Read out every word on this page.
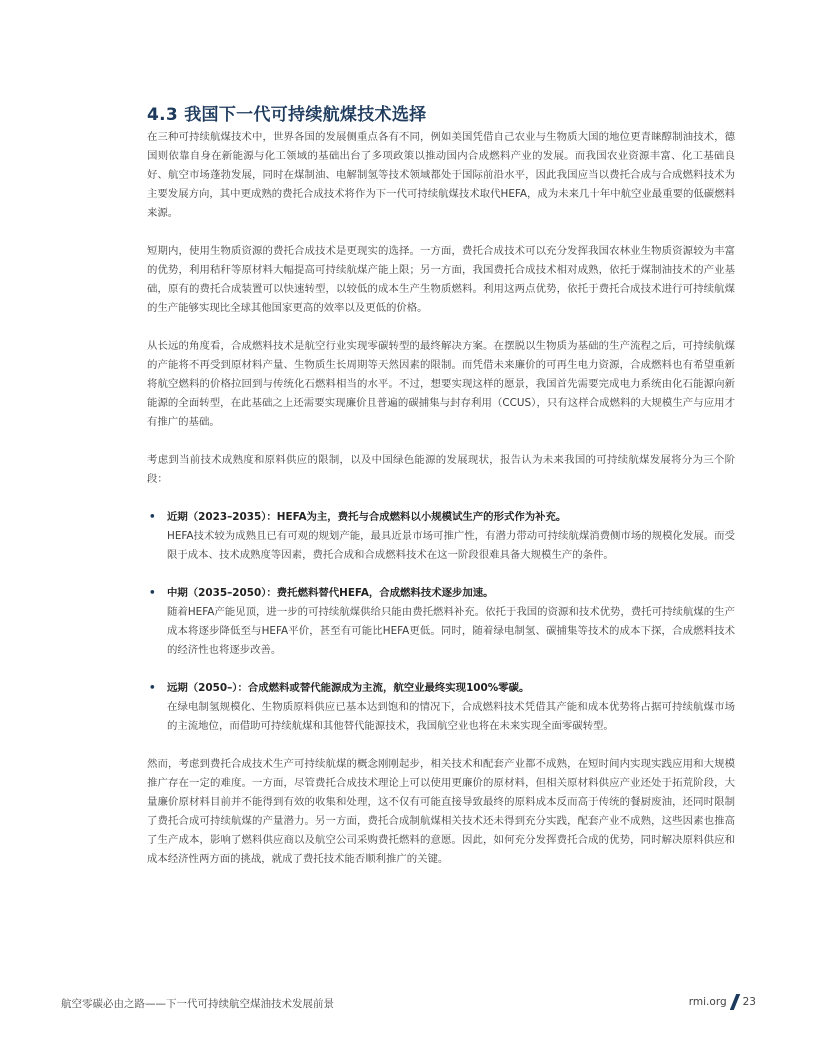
4.3 我国下一代可持续航煤技术选择

在三种可持续航煤技术中，世界各国的发展侧重点各有不同，例如美国凭借自己农业与生物质大国的地位更青睐醇制油技术，德国则依靠自身在新能源与化工领域的基础出台了多项政策以推动国内合成燃料产业的发展。而我国农业资源丰富、化工基础良好、航空市场蓬勃发展，同时在煤制油、电解制氢等技术领域都处于国际前沿水平，因此我国应当以费托合成与合成燃料技术为主要发展方向，其中更成熟的费托合成技术将作为下一代可持续航煤技术取代HEFA，成为未来几十年中航空业最重要的低碳燃料来源。

短期内，使用生物质资源的费托合成技术是更现实的选择。一方面，费托合成技术可以充分发挥我国农林业生物质资源较为丰富的优势，利用秸秆等原材料大幅提高可持续航煤产能上限；另一方面，我国费托合成技术相对成熟，依托于煤制油技术的产业基础，原有的费托合成装置可以快速转型，以较低的成本生产生物质燃料。利用这两点优势，依托于费托合成技术进行可持续航煤的生产能够实现比全球其他国家更高的效率以及更低的价格。

从长远的角度看，合成燃料技术是航空行业实现零碳转型的最终解决方案。在摆脱以生物质为基础的生产流程之后，可持续航煤的产能将不再受到原材料产量、生物质生长周期等天然因素的限制。而凭借未来廉价的可再生电力资源，合成燃料也有希望重新将航空燃料的价格拉回到与传统化石燃料相当的水平。不过，想要实现这样的愿景，我国首先需要完成电力系统由化石能源向新能源的全面转型，在此基础之上还需要实现廉价且普遍的碳捕集与封存利用（CCUS），只有这样合成燃料的大规模生产与应用才有推广的基础。

考虑到当前技术成熟度和原料供应的限制，以及中国绿色能源的发展现状，报告认为未来我国的可持续航煤发展将分为三个阶段：

• 近期（2023–2035）：HEFA为主，费托与合成燃料以小规模试生产的形式作为补充。
HEFA技术较为成熟且已有可观的规划产能，最具近景市场可推广性，有潜力带动可持续航煤消费侧市场的规模化发展。而受限于成本、技术成熟度等因素，费托合成和合成燃料技术在这一阶段很难具备大规模生产的条件。
• 中期（2035–2050）：费托燃料替代HEFA，合成燃料技术逐步加速。
随着HEFA产能见顶，进一步的可持续航煤供给只能由费托燃料补充。依托于我国的资源和技术优势，费托可持续航煤的生产成本将逐步降低至与HEFA平价，甚至有可能比HEFA更低。同时，随着绿电制氢、碳捕集等技术的成本下探，合成燃料技术的经济性也将逐步改善。
• 远期（2050–）：合成燃料或替代能源成为主流，航空业最终实现100%零碳。
在绿电制氢规模化、生物质原料供应已基本达到饱和的情况下，合成燃料技术凭借其产能和成本优势将占据可持续航煤市场的主流地位，而借助可持续航煤和其他替代能源技术，我国航空业也将在未来实现全面零碳转型。

然而，考虑到费托合成技术生产可持续航煤的概念刚刚起步，相关技术和配套产业都不成熟，在短时间内实现实践应用和大规模推广存在一定的难度。一方面，尽管费托合成技术理论上可以使用更廉价的原材料，但相关原材料供应产业还处于拓荒阶段，大量廉价原材料目前并不能得到有效的收集和处理，这不仅有可能直接导致最终的原料成本反而高于传统的餐厨废油，还同时限制了费托合成可持续航煤的产量潜力。另一方面，费托合成制航煤相关技术还未得到充分实践，配套产业不成熟，这些因素也推高了生产成本，影响了燃料供应商以及航空公司采购费托燃料的意愿。因此，如何充分发挥费托合成的优势，同时解决原料供应和成本经济性两方面的挑战，就成了费托技术能否顺利推广的关键。

航空零碳必由之路——下一代可持续航空煤油技术发展前景	rmi.org 23
